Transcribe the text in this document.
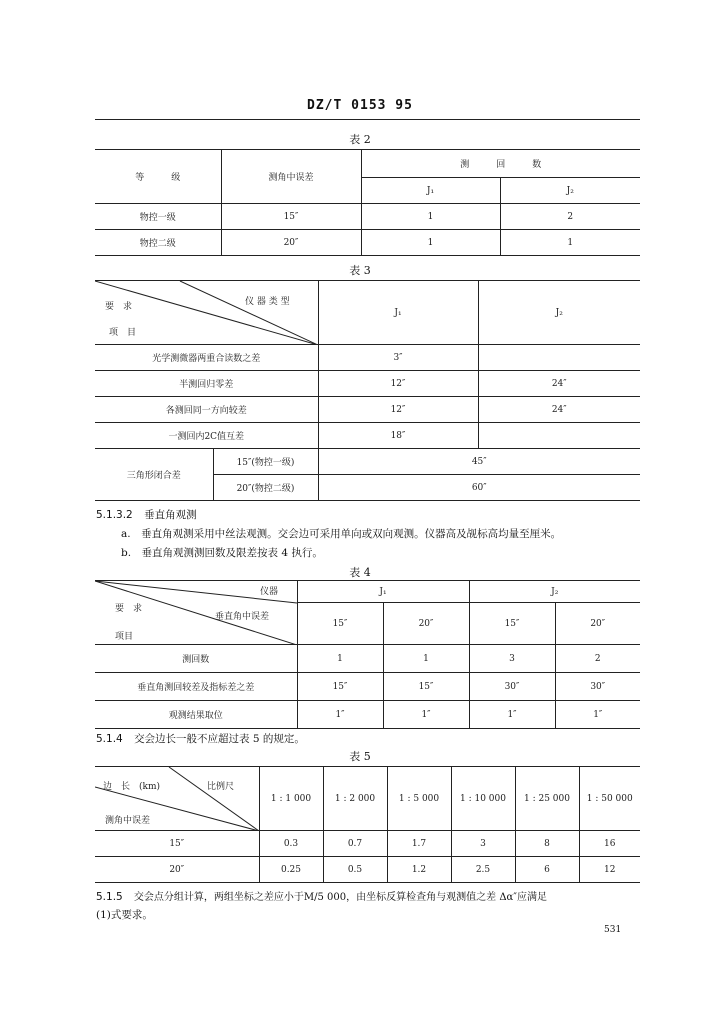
DZ/T 0153 95
表 2
等　　　级	测角中误差	测　　　回　　　数	
		J₁	J₂
物控一级	15″	1	2
物控二级	20″	1	1
表 3
要　求 仪 器 类 型
项　目		J₁	J₂
光学测微器两重合读数之差		3″	
半测回归零差		12″	24″
各测回同一方向较差		12″	24″
一测回内2C值互差		18″	
三角形闭合差	15″(物控一级)	45″	
	20″(物控二级)	60″	
5.1.3.2 垂直角观测
a.　垂直角观测采用中丝法观测。交会边可采用单向或双向观测。仪器高及觇标高均量至厘米。
b.　垂直角观测测回数及限差按表 4 执行。
表 4
仪器
要　求
垂直角中误差
项目	J₁		J₂	
	15″	20″	15″	20″
测回数	1	1	3	2
垂直角测回较差及指标差之差	15″	15″	30″	30″
观测结果取位	1″	1″	1″	1″
5.1.4 交会边长一般不应超过表 5 的规定。
表 5
边　长　(km) 比例尺
测角中误差	1 : 1 000	1 : 2 000	1 : 5 000	1 : 10 000	1 : 25 000	1 : 50 000
15″	0.3	0.7	1.7	3	8	16
20″	0.25	0.5	1.2	2.5	6	12
5.1.5 交会点分组计算，两组坐标之差应小于M/5 000，由坐标反算检查角与观测值之差 Δα″应满足
(1)式要求。
531
